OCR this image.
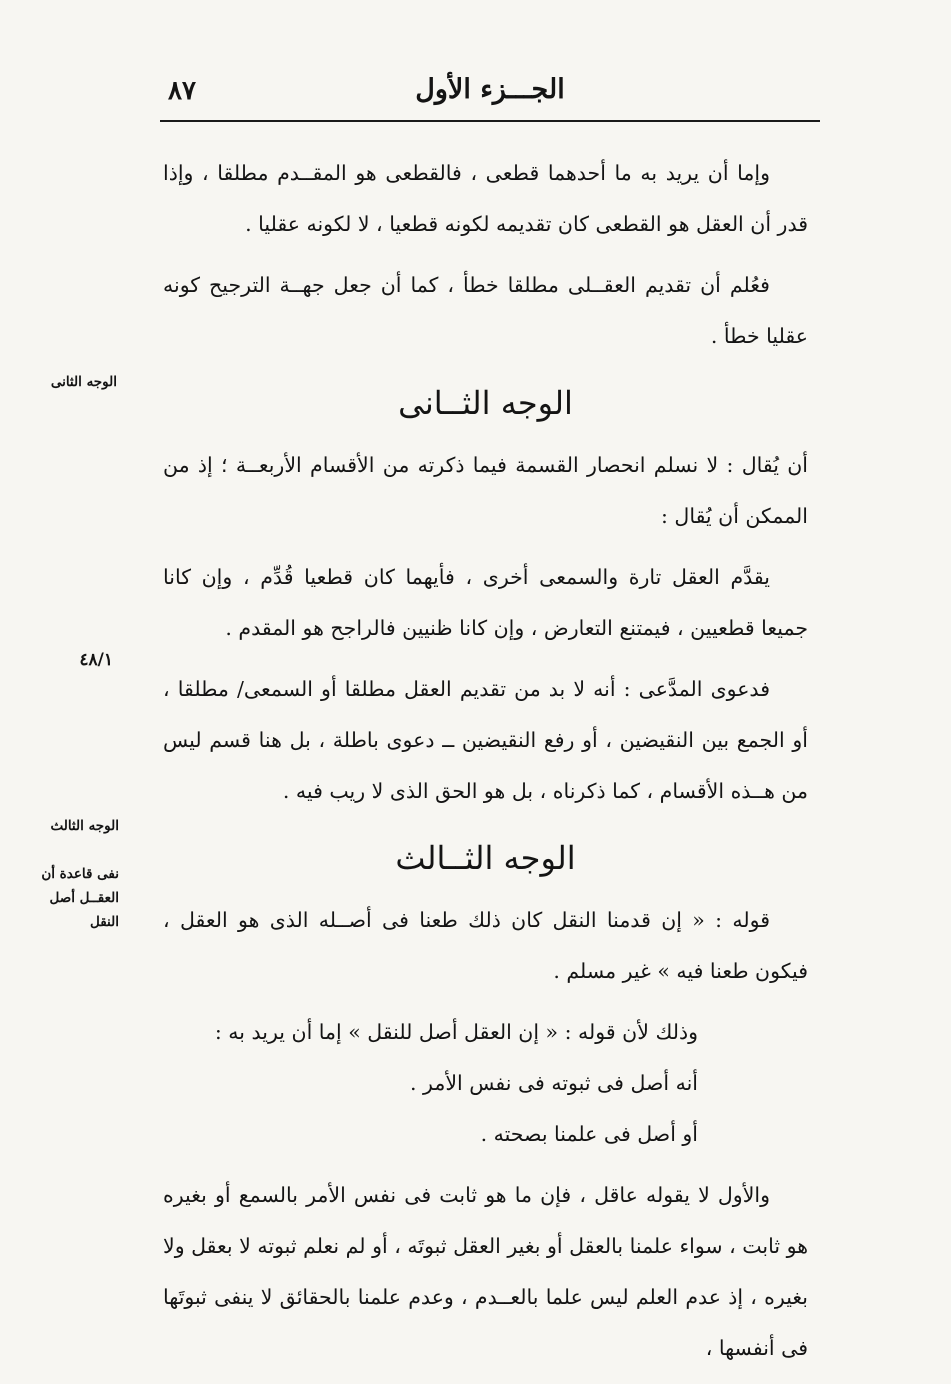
الجـــزء الأول
٨٧
الوجه الثانى
٤٨/١
الوجه الثالث
نفى قاعدة أن العقــل أصل النقل

وإما أن يريد به ما أحدهما قطعى ، فالقطعى هو المقــدم مطلقا ، وإذا قدر أن العقل هو القطعى كان تقديمه لكونه قطعيا ، لا لكونه عقليا .

فعُلم أن تقديم العقــلى مطلقا خطأ ، كما أن جعل جهــة الترجيح كونه عقليا خطأ .

الوجه الثــانى

أن يُقال : لا نسلم انحصار القسمة فيما ذكرته من الأقسام الأربعــة ؛ إذ من الممكن أن يُقال :

يقدَّم العقل تارة والسمعى أخرى ، فأيهما كان قطعيا قُدِّم ، وإن كانا جميعا قطعيين ، فيمتنع التعارض ، وإن كانا ظنيين فالراجح هو المقدم .

فدعوى المدَّعى : أنه لا بد من تقديم العقل مطلقا أو السمعى/ مطلقا ، أو الجمع بين النقيضين ، أو رفع النقيضين ــ دعوى باطلة ، بل هنا قسم ليس من هــذه الأقسام ، كما ذكرناه ، بل هو الحق الذى لا ريب فيه .

الوجه الثــالث

قوله : « إن قدمنا النقل كان ذلك طعنا فى أصــله الذى هو العقل ، فيكون طعنا فيه » غير مسلم .

وذلك لأن قوله : « إن العقل أصل للنقل » إما أن يريد به :

أنه أصل فى ثبوته فى نفس الأمر .

أو أصل فى علمنا بصحته .

والأول لا يقوله عاقل ، فإن ما هو ثابت فى نفس الأمر بالسمع أو بغيره هو ثابت ، سواء علمنا بالعقل أو بغير العقل ثبوتَه ، أو لم نعلم ثبوته لا بعقل ولا بغيره ، إذ عدم العلم ليس علما بالعــدم ، وعدم علمنا بالحقائق لا ينفى ثبوتَها فى أنفسها ،
